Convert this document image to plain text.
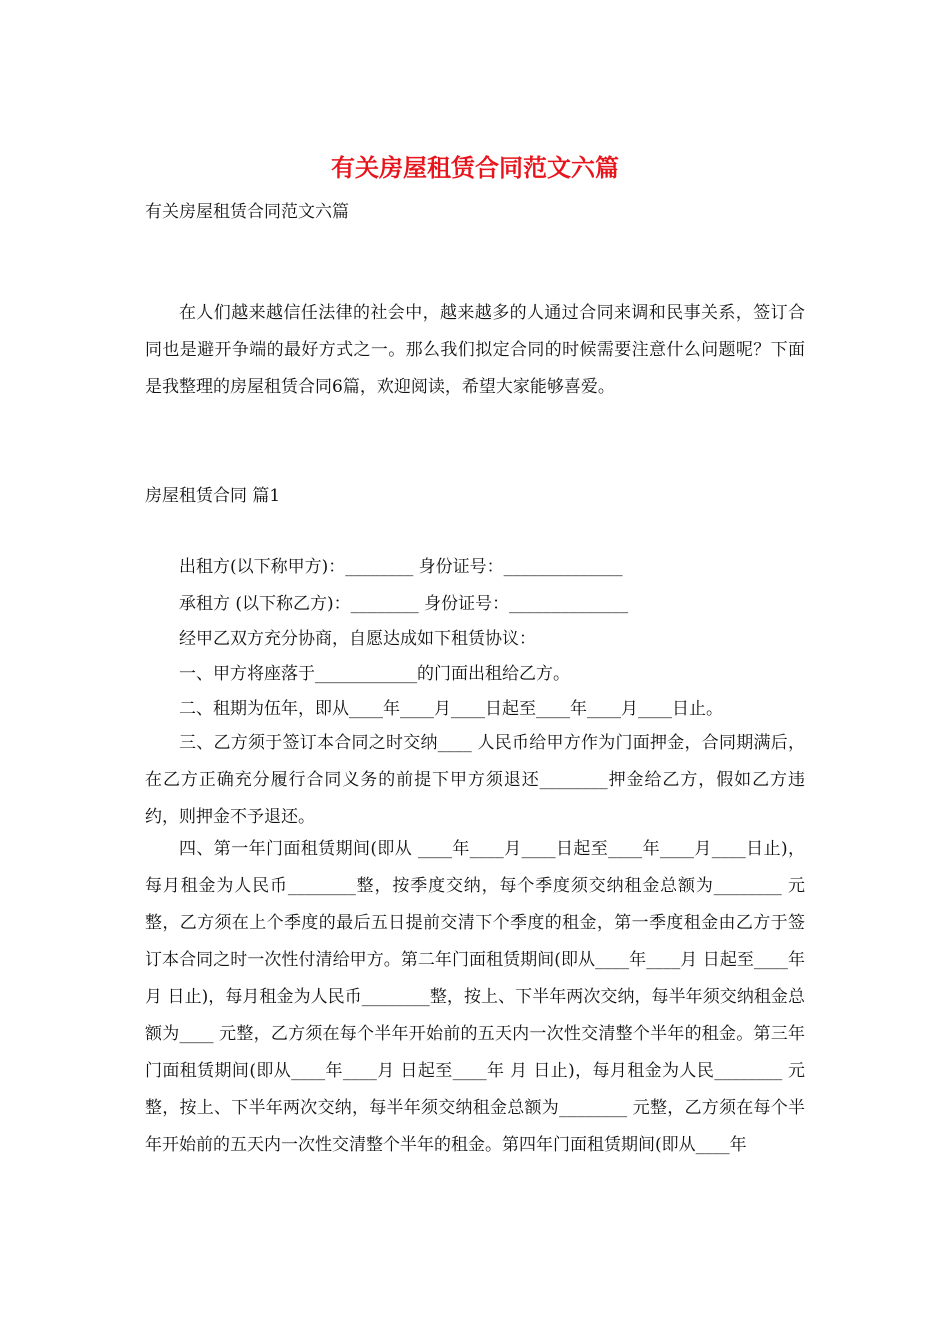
有关房屋租赁合同范文六篇

有关房屋租赁合同范文六篇

在人们越来越信任法律的社会中，越来越多的人通过合同来调和民事关系，签订合同也是避开争端的最好方式之一。那么我们拟定合同的时候需要注意什么问题呢？下面是我整理的房屋租赁合同6篇，欢迎阅读，希望大家能够喜爱。

房屋租赁合同 篇1

　　出租方(以下称甲方)：________ 身份证号：______________

　　承租方 (以下称乙方)：________ 身份证号：______________

　　经甲乙双方充分协商，自愿达成如下租赁协议：

　　一、甲方将座落于____________的门面出租给乙方。

　　二、租期为伍年，即从____年____月____日起至____年____月____日止。

三、乙方须于签订本合同之时交纳____ 人民币给甲方作为门面押金，合同期满后，在乙方正确充分履行合同义务的前提下甲方须退还________押金给乙方，假如乙方违约，则押金不予退还。

四、第一年门面租赁期间(即从 ____年____月____日起至____年____月____日止)，每月租金为人民币________整，按季度交纳，每个季度须交纳租金总额为________ 元整，乙方须在上个季度的最后五日提前交清下个季度的租金，第一季度租金由乙方于签订本合同之时一次性付清给甲方。第二年门面租赁期间(即从____年____月 日起至____年 月 日止)，每月租金为人民币________整，按上、下半年两次交纳，每半年须交纳租金总额为____ 元整，乙方须在每个半年开始前的五天内一次性交清整个半年的租金。第三年门面租赁期间(即从____年____月 日起至____年 月 日止)，每月租金为人民________ 元整，按上、下半年两次交纳，每半年须交纳租金总额为________ 元整，乙方须在每个半年开始前的五天内一次性交清整个半年的租金。第四年门面租赁期间(即从____年
